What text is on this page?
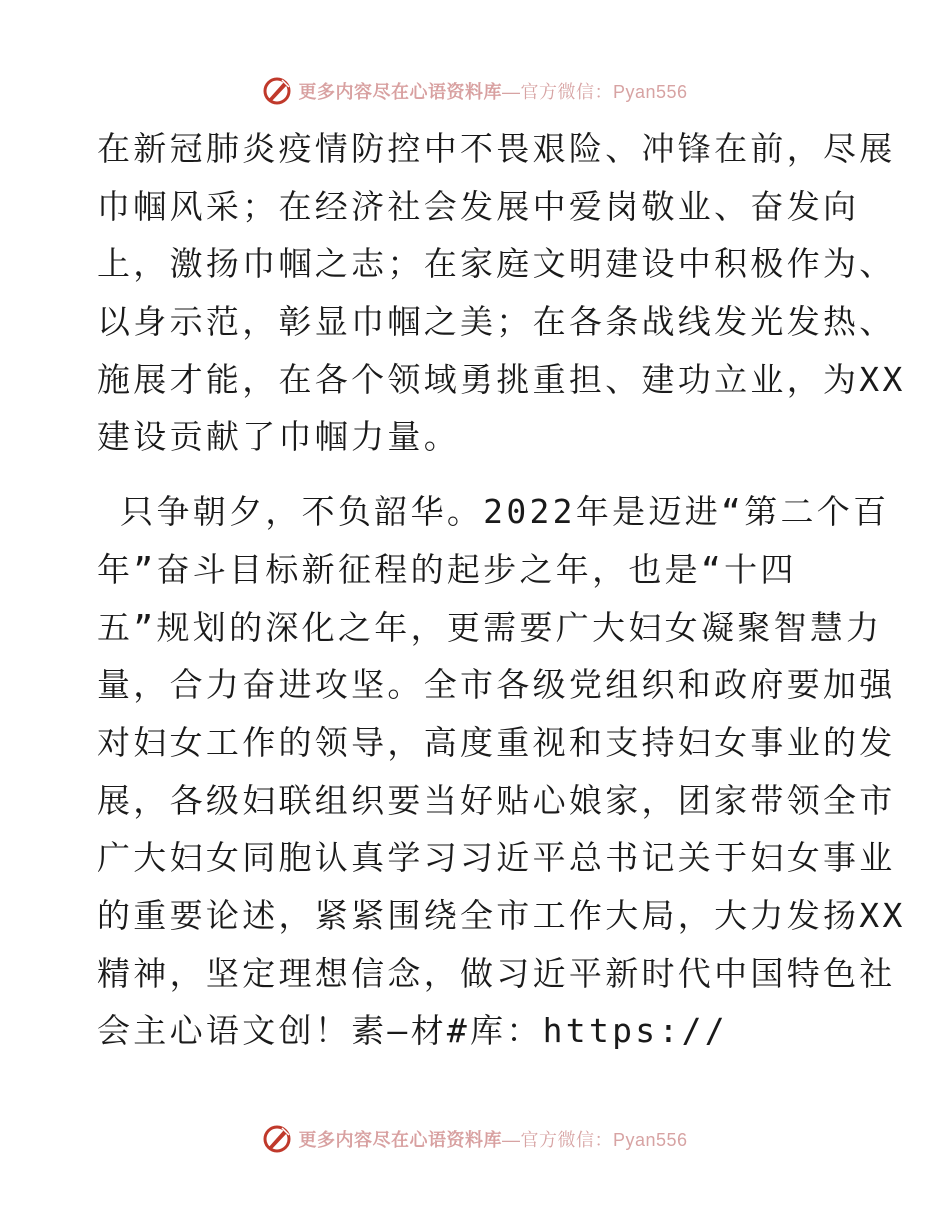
更多内容尽在心语资料库—官方微信：Pyan556
在新冠肺炎疫情防控中不畏艰险、冲锋在前，尽展
巾帼风采；在经济社会发展中爱岗敬业、奋发向
上，激扬巾帼之志；在家庭文明建设中积极作为、
以身示范，彰显巾帼之美；在各条战线发光发热、
施展才能，在各个领域勇挑重担、建功立业，为XX
建设贡献了巾帼力量。
只争朝夕，不负韶华。2022年是迈进“第二个百
年”奋斗目标新征程的起步之年，也是“十四
五”规划的深化之年，更需要广大妇女凝聚智慧力
量，合力奋进攻坚。全市各级党组织和政府要加强
对妇女工作的领导，高度重视和支持妇女事业的发
展，各级妇联组织要当好贴心娘家，团家带领全市
广大妇女同胞认真学习习近平总书记关于妇女事业
的重要论述，紧紧围绕全市工作大局，大力发扬XX
精神，坚定理想信念，做习近平新时代中国特色社
会主心语文创！素—材#库：https://
更多内容尽在心语资料库—官方微信：Pyan556
